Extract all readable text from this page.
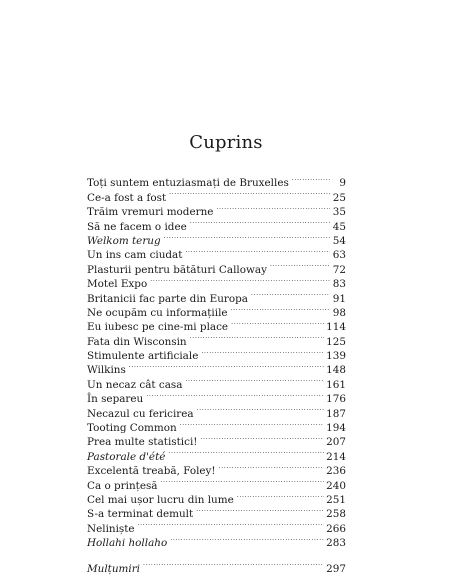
Cuprins
Toți suntem entuziasmați de Bruxelles . . .	9
Ce-a fost a fost . . .	25
Trăim vremuri moderne . . .	35
Să ne facem o idee . . .	45
Welkom terug . . .	54
Un ins cam ciudat . . .	63
Plasturii pentru bătături Calloway . . .	72
Motel Expo . . .	83
Britanicii fac parte din Europa . . .	91
Ne ocupăm cu informațiile . . .	98
Eu iubesc pe cine-mi place . . .	114
Fata din Wisconsin . . .	125
Stimulente artificiale . . .	139
Wilkins . . .	148
Un necaz cât casa . . .	161
În separeu . . .	176
Necazul cu fericirea . . .	187
Tooting Common . . .	194
Prea multe statistici! . . .	207
Pastorale d'été . . .	214
Excelentă treabă, Foley! . . .	236
Ca o prințesă . . .	240
Cel mai ușor lucru din lume . . .	251
S-a terminat demult . . .	258
Neliniște . . .	266
Hollahi hollaho . . .	283
Mulțumiri . . .	297
